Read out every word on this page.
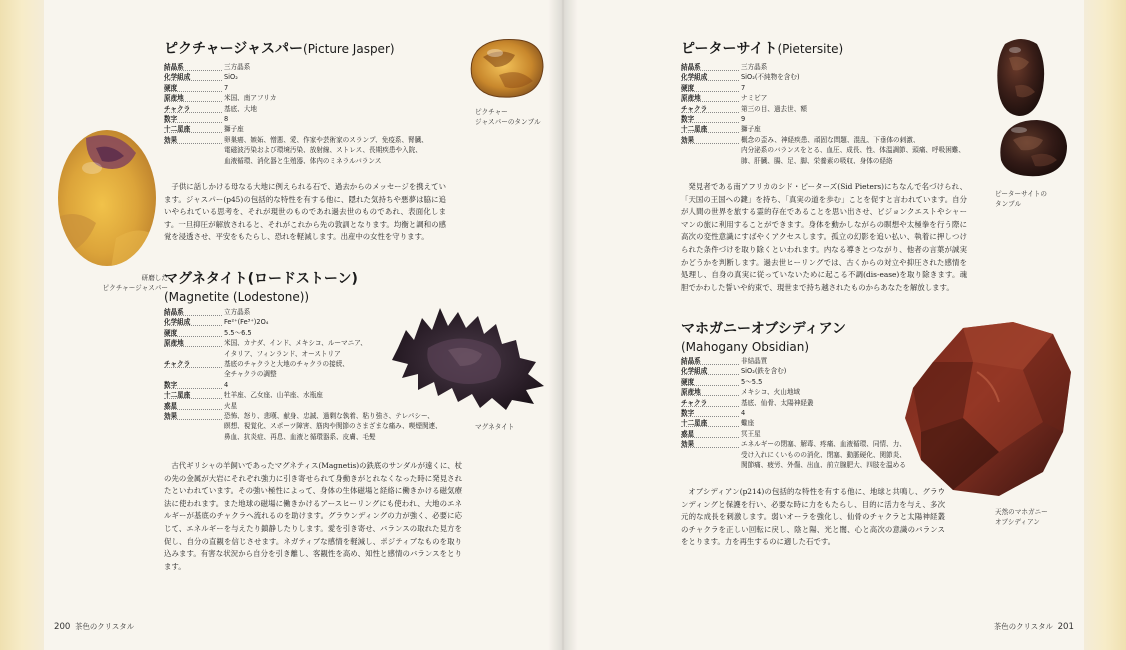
研磨した
ピクチャージャスパー
ピクチャー
ジャスパーのタンブル
ピクチャージャスパー(Picture Jasper)
結晶系	三方晶系
化学組成	SiO₂
硬度	7
原産地	米国、南アフリカ
チャクラ	基底、大地
数字	8
十二星座	獅子座
効果	卵巣癌、嫉妬、憎悪、愛、作家や芸術家のスランプ、免疫系、腎臓、
電磁波汚染および環境汚染、放射線、ストレス、長期疾患や入院、
血液循環、消化器と生殖器、体内のミネラルバランス

子供に話しかける母なる大地に例えられる石で、過去からのメッセージを携えています。ジャスパー(p45)の包括的な特性を有する他に、隠れた気持ちや悪夢は脇に追いやられている思考を、それが現世のものであれ過去世のものであれ、表面化します。一旦抑圧が解放されると、それがこれから先の敦訓となります。均衡と調和の感覚を浸透させ、平安をもたらし、恐れを軽減します。出産中の女性を守ります。

マグネタイト(ロードストーン)
(Magnetite (Lodestone))
結晶系	立方晶系
化学組成	Fe²⁺(Fe³⁺)2O₄
硬度	5.5〜6.5
原産地	米国、カナダ、インド、メキシコ、ルーマニア、
イタリア、フィンランド、オーストリア
チャクラ	基底のチャクラと大地のチャクラの接続、
全チャクラの調整
数字	4
十二星座	牡羊座、乙女座、山羊座、水瓶座
惑星	火星
効果	恐怖、怒り、悲嘆、献身、忠誠、過剰な執着、粘り強さ、テレパシー、
瞑想、視覚化、スポーツ障害、筋肉や関節のさまざまな痛み、喫煙関連、
鼻血、抗炎症、再息、血液と循環器系、皮膚、毛髪
マグネタイト

古代ギリシャの羊飼いであったマグネティス(Magnetis)の鉄底のサンダルが遠くに、杖の先の金属が大岩にそれぞれ強力に引き寄せられて身動きがとれなくなった時に発見されたといわれています。その強い極性によって、身体の生体磁場と経絡に働きかける磁気療法に使われます。また地球の磁場に働きかけるアースヒーリングにも使われ、大地のエネルギーが基底のチャクラへ流れるのを助けます。グラウンディングの力が強く、必要に応じて、エネルギーを与えたり鎮静したりします。愛を引き寄せ、バランスの取れた見方を促し、自分の直観を信じさせます。ネガティブな感情を軽減し、ポジティブなものを取り込みます。有害な状況から自分を引き離し、客観性を高め、知性と感情のバランスをとります。

200 茶色のクリスタル
ピーターサイト(Pietersite)
結晶系	三方晶系
化学組成	SiO₂(不純物を含む)
硬度	7
原産地	ナミビア
チャクラ	第三の目、過去世、額
数字	9
十二星座	獅子座
効果	概念の歪み、神経疾患、頑固な問題、混乱、下垂体の刺激、
内分泌系のバランスをとる、血圧、成長、性、体温調節、頭痛、呼吸困難、
肺、肝臓、腸、足、脚、栄養素の吸収、身体の経絡
ピーターサイトの
タンブル

発見者である南アフリカのシド・ピーターズ(Sid Pieters)にちなんで名づけられ、「天国の王国への鍵」を持ち、「真実の道を歩む」ことを促すと言われています。自分が人間の世界を旅する霊的存在であることを思い出させ、ビジョンクエストやシャーマンの旅に利用することができます。身体を動かしながらの瞑想や太極拳を行う際に高次の変性意識にすばやくアクセスします。孤立の幻影を追い払い、執着に押しつけられた条件づけを取り除くといわれます。内なる導きとつながり、他者の言葉が誠実かどうかを判断します。過去世ヒーリングでは、古くからの対立や抑圧された感情を処理し、自身の真実に従っていないために起こる不調(dis-ease)を取り除きます。魂胆でかわした誓いや約束で、現世まで持ち越されたものからあなたを解放します。

マホガニーオブシディアン
(Mahogany Obsidian)
結晶系	非結晶質
化学組成	SiO₂(鉄を含む)
硬度	5〜5.5
原産地	メキシコ、火山地域
チャクラ	基底、仙骨、太陽神経叢
数字	4
十二星座	蠍座
惑星	冥王星
効果	エネルギーの閉塞、解毒、疼痛、血液循環、同情、力、
受け入れにくいものの消化、閉塞、動脈硬化、関節炎、
関節痛、疲労、外傷、出血、前立腺肥大、四肢を温める
天然のマホガニー
オブシディアン

オブシディアン(p214)の包括的な特性を有する他に、地球と共鳴し、グラウンディングと保護を行い、必要な時に力をもたらし、目的に活力を与え、多次元的な成長を刺激します。弱いオーラを強化し、仙骨のチャクラと太陽神経叢のチャクラを正しい回転に戻し、陰と陽、光と闇、心と高次の意識のバランスをとります。力を再生するのに適した石です。

茶色のクリスタル 201
